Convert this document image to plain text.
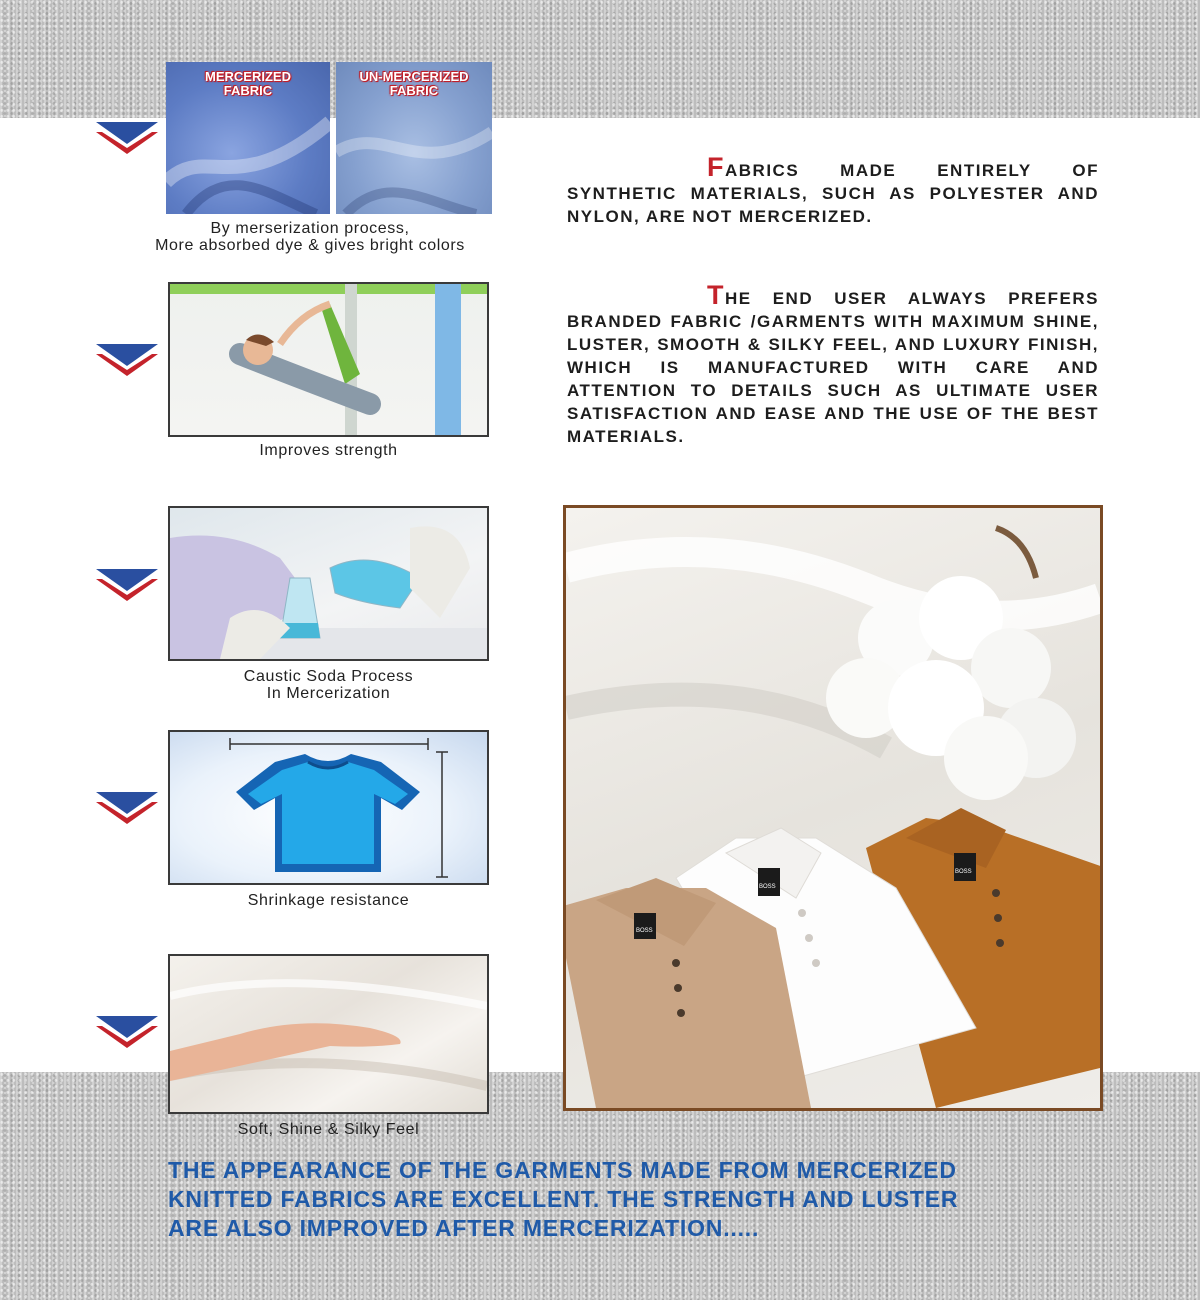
MERCERIZED
FABRIC
UN-MERCERIZED
FABRIC
By merserization process,
More absorbed dye & gives bright colors
Improves strength
Caustic Soda Process
In Mercerization
Shrinkage resistance
Soft, Shine & Silky Feel
FABRICS MADE ENTIRELY OF SYNTHETIC MATERIALS, SUCH AS POLYESTER AND NYLON, ARE NOT MERCERIZED.
THE END USER ALWAYS PREFERS BRANDED FABRIC /GARMENTS WITH MAXIMUM SHINE, LUSTER, SMOOTH & SILKY FEEL, AND LUXURY FINISH, WHICH IS MANUFACTURED WITH CARE AND ATTENTION TO DETAILS SUCH AS ULTIMATE USER SATISFACTION AND EASE AND THE USE OF THE BEST MATERIALS.
BOSS
BOSS
BOSS
THE APPEARANCE OF THE GARMENTS MADE FROM MERCERIZED
KNITTED FABRICS ARE EXCELLENT. THE STRENGTH AND LUSTER
ARE ALSO IMPROVED AFTER MERCERIZATION.....
